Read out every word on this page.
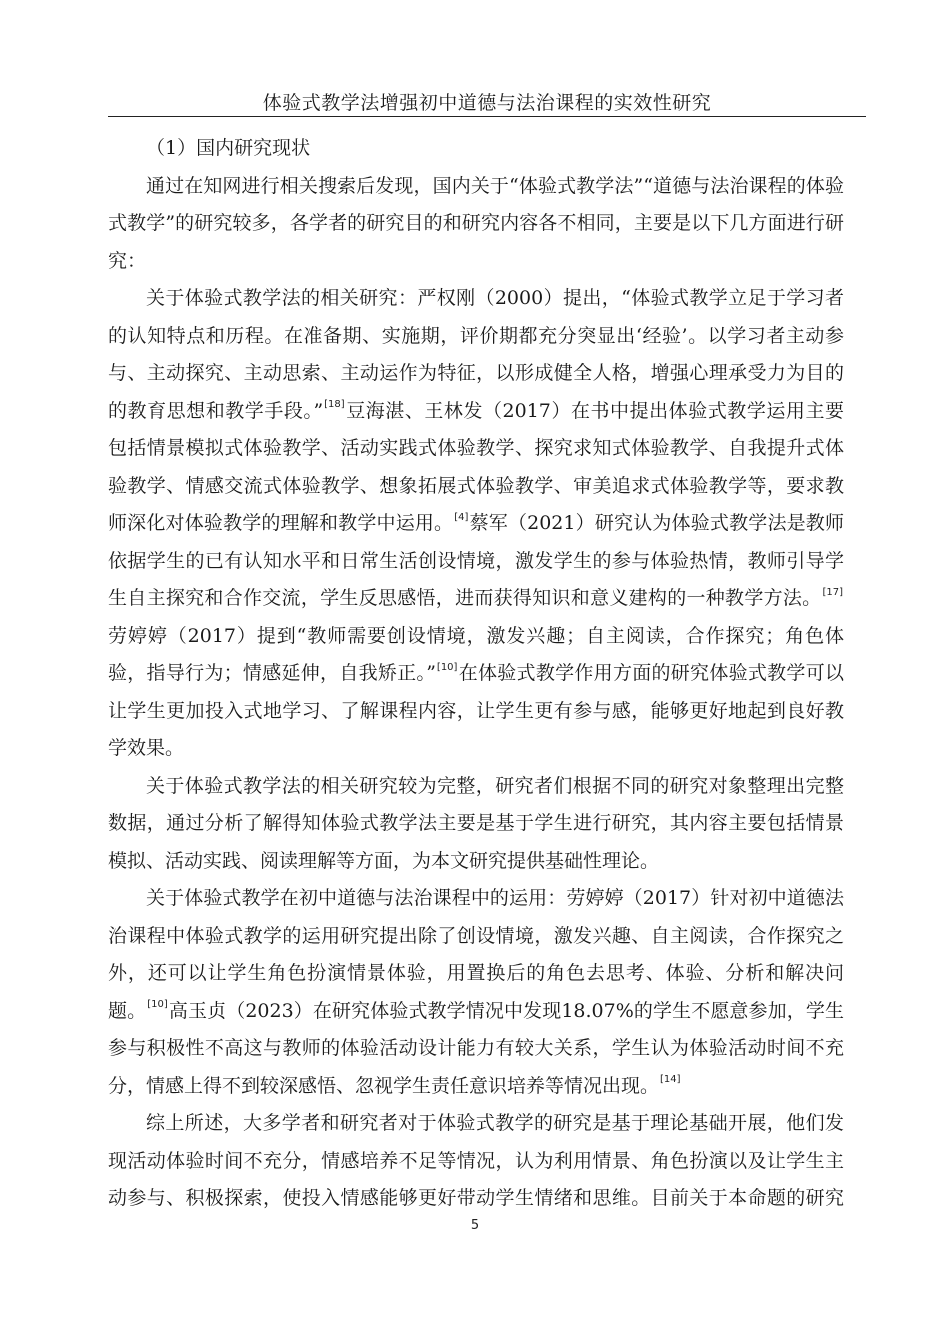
体验式教学法增强初中道德与法治课程的实效性研究

（1）国内研究现状

通过在知网进行相关搜索后发现，国内关于“体验式教学法”“道德与法治课程的体验式教学”的研究较多，各学者的研究目的和研究内容各不相同，主要是以下几方面进行研究：

关于体验式教学法的相关研究：严权刚（2000）提出，“体验式教学立足于学习者的认知特点和历程。在准备期、实施期，评价期都充分突显出‘经验’。以学习者主动参与、主动探究、主动思索、主动运作为特征，以形成健全人格，增强心理承受力为目的的教育思想和教学手段。”[18]豆海湛、王林发（2017）在书中提出体验式教学运用主要包括情景模拟式体验教学、活动实践式体验教学、探究求知式体验教学、自我提升式体验教学、情感交流式体验教学、想象拓展式体验教学、审美追求式体验教学等，要求教师深化对体验教学的理解和教学中运用。[4]蔡军（2021）研究认为体验式教学法是教师依据学生的已有认知水平和日常生活创设情境，激发学生的参与体验热情，教师引导学生自主探究和合作交流，学生反思感悟，进而获得知识和意义建构的一种教学方法。[17]劳婷婷（2017）提到“教师需要创设情境，激发兴趣；自主阅读，合作探究；角色体验，指导行为；情感延伸，自我矫正。”[10]在体验式教学作用方面的研究体验式教学可以让学生更加投入式地学习、了解课程内容，让学生更有参与感，能够更好地起到良好教学效果。

关于体验式教学法的相关研究较为完整，研究者们根据不同的研究对象整理出完整数据，通过分析了解得知体验式教学法主要是基于学生进行研究，其内容主要包括情景模拟、活动实践、阅读理解等方面，为本文研究提供基础性理论。

关于体验式教学在初中道德与法治课程中的运用：劳婷婷（2017）针对初中道德法治课程中体验式教学的运用研究提出除了创设情境，激发兴趣、自主阅读，合作探究之外，还可以让学生角色扮演情景体验，用置换后的角色去思考、体验、分析和解决问题。[10]高玉贞（2023）在研究体验式教学情况中发现18.07%的学生不愿意参加，学生参与积极性不高这与教师的体验活动设计能力有较大关系，学生认为体验活动时间不充分，情感上得不到较深感悟、忽视学生责任意识培养等情况出现。[14]

综上所述，大多学者和研究者对于体验式教学的研究是基于理论基础开展，他们发现活动体验时间不充分，情感培养不足等情况，认为利用情景、角色扮演以及让学生主动参与、积极探索，使投入情感能够更好带动学生情绪和思维。目前关于本命题的研究

5
